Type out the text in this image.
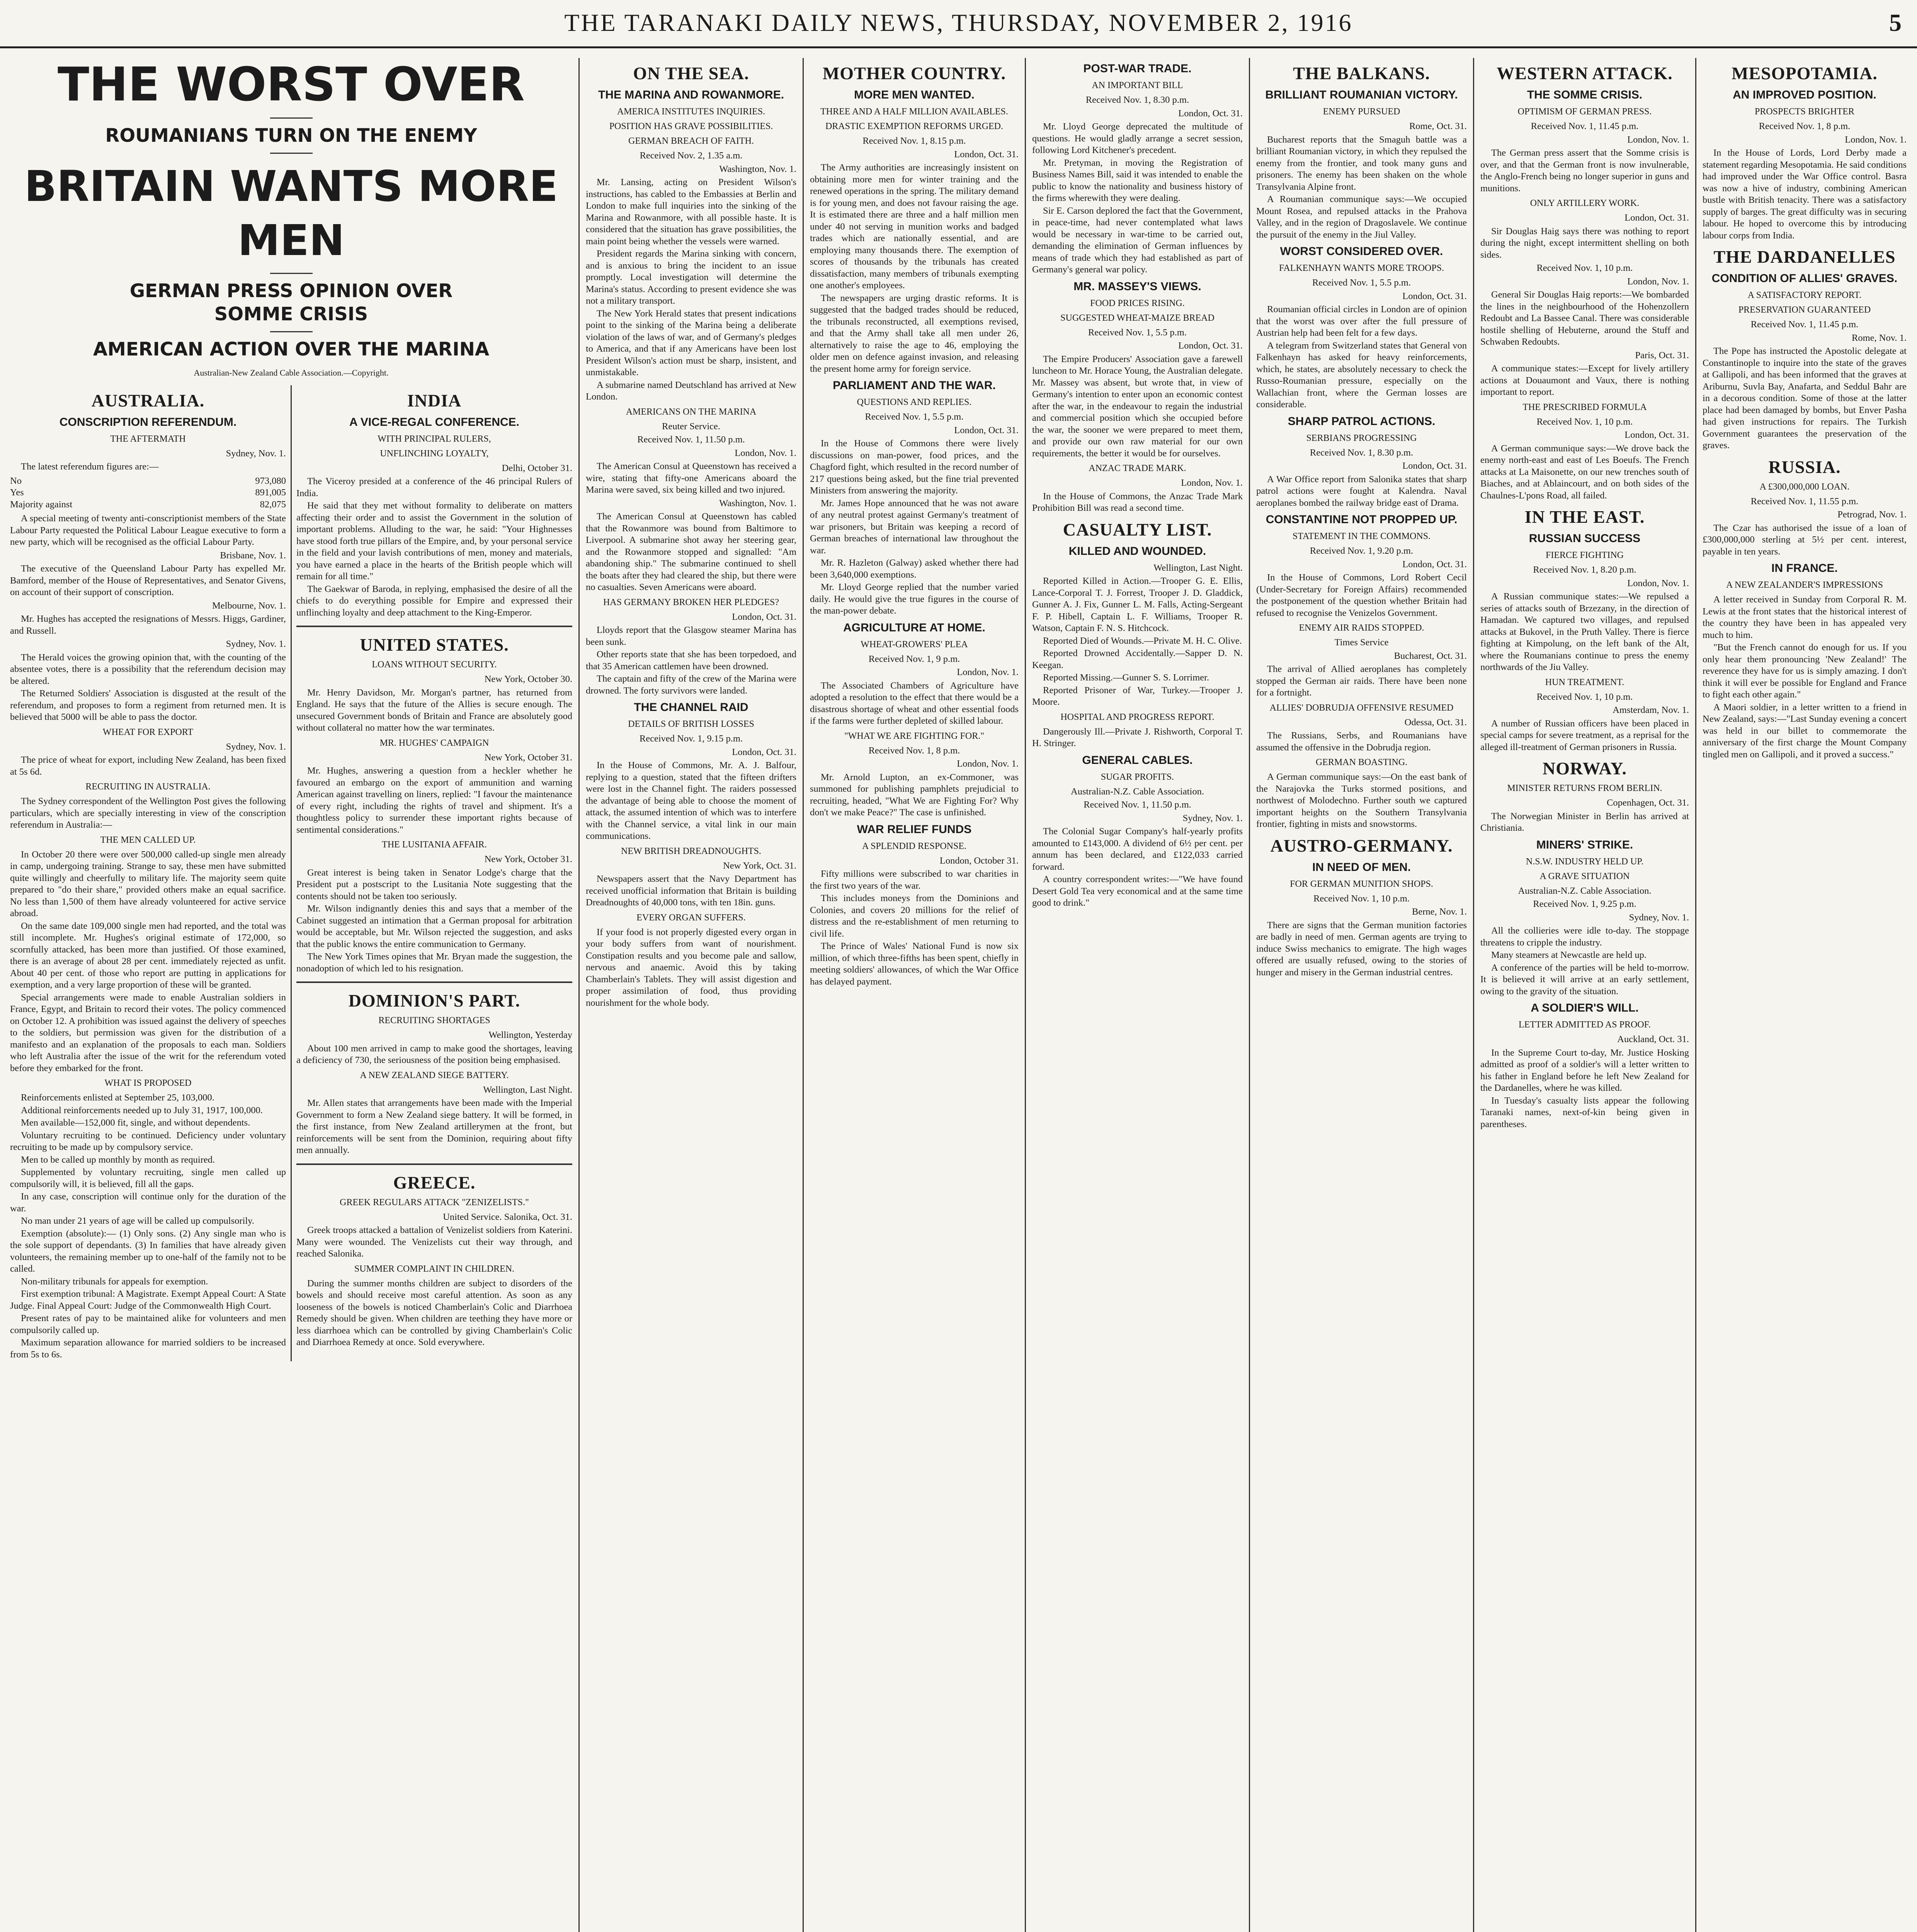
THE TARANAKI DAILY NEWS, THURSDAY, NOVEMBER 2, 1916	5
THE WORST OVER
ROUMANIANS TURN ON THE ENEMY
BRITAIN WANTS MORE MEN
GERMAN PRESS OPINION OVER SOMME CRISIS
AMERICAN ACTION OVER THE MARINA
Australian-New Zealand Cable Association.—Copyright.
AUSTRALIA.
CONSCRIPTION REFERENDUM.
THE AFTERMATH
Sydney, Nov. 1.

The latest referendum figures are:—

No	973,080
Yes	891,005
Majority against	82,075

A special meeting of twenty anti-conscriptionist members of the State Labour Party requested the Political Labour League executive to form a new party, which will be recognised as the official Labour Party.

Brisbane, Nov. 1.

The executive of the Queensland Labour Party has expelled Mr. Bamford, member of the House of Representatives, and Senator Givens, on account of their support of conscription.

Melbourne, Nov. 1.

Mr. Hughes has accepted the resignations of Messrs. Higgs, Gardiner, and Russell.

Sydney, Nov. 1.

The Herald voices the growing opinion that, with the counting of the absentee votes, there is a possibility that the referendum decision may be altered.

The Returned Soldiers' Association is disgusted at the result of the referendum, and proposes to form a regiment from returned men. It is believed that 5000 will be able to pass the doctor.

WHEAT FOR EXPORT
Sydney, Nov. 1.

The price of wheat for export, including New Zealand, has been fixed at 5s 6d.

RECRUITING IN AUSTRALIA.

The Sydney correspondent of the Wellington Post gives the following particulars, which are specially interesting in view of the conscription referendum in Australia:—

THE MEN CALLED UP.

In October 20 there were over 500,000 called-up single men already in camp, undergoing training. Strange to say, these men have submitted quite willingly and cheerfully to military life. The majority seem quite prepared to "do their share," provided others make an equal sacrifice. No less than 1,500 of them have already volunteered for active service abroad.

On the same date 109,000 single men had reported, and the total was still incomplete. Mr. Hughes's original estimate of 172,000, so scornfully attacked, has been more than justified. Of those examined, there is an average of about 28 per cent. immediately rejected as unfit. About 40 per cent. of those who report are putting in applications for exemption, and a very large proportion of these will be granted.

Special arrangements were made to enable Australian soldiers in France, Egypt, and Britain to record their votes. The policy commenced on October 12. A prohibition was issued against the delivery of speeches to the soldiers, but permission was given for the distribution of a manifesto and an explanation of the proposals to each man. Soldiers who left Australia after the issue of the writ for the referendum voted before they embarked for the front.

WHAT IS PROPOSED

Reinforcements enlisted at September 25, 103,000.

Additional reinforcements needed up to July 31, 1917, 100,000.

Men available—152,000 fit, single, and without dependents.

Voluntary recruiting to be continued. Deficiency under voluntary recruiting to be made up by compulsory service.

Men to be called up monthly by month as required.

Supplemented by voluntary recruiting, single men called up compulsorily will, it is believed, fill all the gaps.

In any case, conscription will continue only for the duration of the war.

No man under 21 years of age will be called up compulsorily.

Exemption (absolute):— (1) Only sons. (2) Any single man who is the sole support of dependants. (3) In families that have already given volunteers, the remaining member up to one-half of the family not to be called.

Non-military tribunals for appeals for exemption.

First exemption tribunal: A Magistrate. Exempt Appeal Court: A State Judge. Final Appeal Court: Judge of the Commonwealth High Court.

Present rates of pay to be maintained alike for volunteers and men compulsorily called up.

Maximum separation allowance for married soldiers to be increased from 5s to 6s.

INDIA
A VICE-REGAL CONFERENCE.
WITH PRINCIPAL RULERS,
UNFLINCHING LOYALTY,
Delhi, October 31.

The Viceroy presided at a conference of the 46 principal Rulers of India.

He said that they met without formality to deliberate on matters affecting their order and to assist the Government in the solution of important problems. Alluding to the war, he said: "Your Highnesses have stood forth true pillars of the Empire, and, by your personal service in the field and your lavish contributions of men, money and materials, you have earned a place in the hearts of the British people which will remain for all time."

The Gaekwar of Baroda, in replying, emphasised the desire of all the chiefs to do everything possible for Empire and expressed their unflinching loyalty and deep attachment to the King-Emperor.

UNITED STATES.
LOANS WITHOUT SECURITY.
New York, October 30.

Mr. Henry Davidson, Mr. Morgan's partner, has returned from England. He says that the future of the Allies is secure enough. The unsecured Government bonds of Britain and France are absolutely good without collateral no matter how the war terminates.

MR. HUGHES' CAMPAIGN
New York, October 31.

Mr. Hughes, answering a question from a heckler whether he favoured an embargo on the export of ammunition and warning American against travelling on liners, replied: "I favour the maintenance of every right, including the rights of travel and shipment. It's a thoughtless policy to surrender these important rights because of sentimental considerations."

THE LUSITANIA AFFAIR.
New York, October 31.

Great interest is being taken in Senator Lodge's charge that the President put a postscript to the Lusitania Note suggesting that the contents should not be taken too seriously.

Mr. Wilson indignantly denies this and says that a member of the Cabinet suggested an intimation that a German proposal for arbitration would be acceptable, but Mr. Wilson rejected the suggestion, and asks that the public knows the entire communication to Germany.

The New York Times opines that Mr. Bryan made the suggestion, the nonadoption of which led to his resignation.

DOMINION'S PART.
RECRUITING SHORTAGES
Wellington, Yesterday

About 100 men arrived in camp to make good the shortages, leaving a deficiency of 730, the seriousness of the position being emphasised.

A NEW ZEALAND SIEGE BATTERY.
Wellington, Last Night.

Mr. Allen states that arrangements have been made with the Imperial Government to form a New Zealand siege battery. It will be formed, in the first instance, from New Zealand artillerymen at the front, but reinforcements will be sent from the Dominion, requiring about fifty men annually.

GREECE.
GREEK REGULARS ATTACK "ZENIZELISTS."
United Service. Salonika, Oct. 31.

Greek troops attacked a battalion of Venizelist soldiers from Katerini. Many were wounded. The Venizelists cut their way through, and reached Salonika.

SUMMER COMPLAINT IN CHILDREN.

During the summer months children are subject to disorders of the bowels and should receive most careful attention. As soon as any looseness of the bowels is noticed Chamberlain's Colic and Diarrhoea Remedy should be given. When children are teething they have more or less diarrhoea which can be controlled by giving Chamberlain's Colic and Diarrhoea Remedy at once. Sold everywhere.

ON THE SEA.
THE MARINA AND ROWANMORE.
AMERICA INSTITUTES INQUIRIES.
POSITION HAS GRAVE POSSIBILITIES.
GERMAN BREACH OF FAITH.
Received Nov. 2, 1.35 a.m.
Washington, Nov. 1.

Mr. Lansing, acting on President Wilson's instructions, has cabled to the Embassies at Berlin and London to make full inquiries into the sinking of the Marina and Rowanmore, with all possible haste. It is considered that the situation has grave possibilities, the main point being whether the vessels were warned.

President regards the Marina sinking with concern, and is anxious to bring the incident to an issue promptly. Local investigation will determine the Marina's status. According to present evidence she was not a military transport.

The New York Herald states that present indications point to the sinking of the Marina being a deliberate violation of the laws of war, and of Germany's pledges to America, and that if any Americans have been lost President Wilson's action must be sharp, insistent, and unmistakable.

A submarine named Deutschland has arrived at New London.

AMERICANS ON THE MARINA
Reuter Service.
Received Nov. 1, 11.50 p.m.
London, Nov. 1.

The American Consul at Queenstown has received a wire, stating that fifty-one Americans aboard the Marina were saved, six being killed and two injured.

Washington, Nov. 1.

The American Consul at Queenstown has cabled that the Rowanmore was bound from Baltimore to Liverpool. A submarine shot away her steering gear, and the Rowanmore stopped and signalled: "Am abandoning ship." The submarine continued to shell the boats after they had cleared the ship, but there were no casualties. Seven Americans were aboard.

HAS GERMANY BROKEN HER PLEDGES?
London, Oct. 31.

Lloyds report that the Glasgow steamer Marina has been sunk.

Other reports state that she has been torpedoed, and that 35 American cattlemen have been drowned.

The captain and fifty of the crew of the Marina were drowned. The forty survivors were landed.

THE CHANNEL RAID
DETAILS OF BRITISH LOSSES
Received Nov. 1, 9.15 p.m.
London, Oct. 31.

In the House of Commons, Mr. A. J. Balfour, replying to a question, stated that the fifteen drifters were lost in the Channel fight. The raiders possessed the advantage of being able to choose the moment of attack, the assumed intention of which was to interfere with the Channel service, a vital link in our main communications.

NEW BRITISH DREADNOUGHTS.
New York, Oct. 31.

Newspapers assert that the Navy Department has received unofficial information that Britain is building Dreadnoughts of 40,000 tons, with ten 18in. guns.

EVERY ORGAN SUFFERS.

If your food is not properly digested every organ in your body suffers from want of nourishment. Constipation results and you become pale and sallow, nervous and anaemic. Avoid this by taking Chamberlain's Tablets. They will assist digestion and proper assimilation of food, thus providing nourishment for the whole body.

MOTHER COUNTRY.
MORE MEN WANTED.
THREE AND A HALF MILLION AVAILABLES.
DRASTIC EXEMPTION REFORMS URGED.
Received Nov. 1, 8.15 p.m.
London, Oct. 31.

The Army authorities are increasingly insistent on obtaining more men for winter training and the renewed operations in the spring. The military demand is for young men, and does not favour raising the age. It is estimated there are three and a half million men under 40 not serving in munition works and badged trades which are nationally essential, and are employing many thousands there. The exemption of scores of thousands by the tribunals has created dissatisfaction, many members of tribunals exempting one another's employees.

The newspapers are urging drastic reforms. It is suggested that the badged trades should be reduced, the tribunals reconstructed, all exemptions revised, and that the Army shall take all men under 26, alternatively to raise the age to 46, employing the older men on defence against invasion, and releasing the present home army for foreign service.

PARLIAMENT AND THE WAR.
QUESTIONS AND REPLIES.
Received Nov. 1, 5.5 p.m.
London, Oct. 31.

In the House of Commons there were lively discussions on man-power, food prices, and the Chagford fight, which resulted in the record number of 217 questions being asked, but the fine trial prevented Ministers from answering the majority.

Mr. James Hope announced that he was not aware of any neutral protest against Germany's treatment of war prisoners, but Britain was keeping a record of German breaches of international law throughout the war.

Mr. R. Hazleton (Galway) asked whether there had been 3,640,000 exemptions.

Mr. Lloyd George replied that the number varied daily. He would give the true figures in the course of the man-power debate.

AGRICULTURE AT HOME.
WHEAT-GROWERS' PLEA
Received Nov. 1, 9 p.m.
London, Nov. 1.

The Associated Chambers of Agriculture have adopted a resolution to the effect that there would be a disastrous shortage of wheat and other essential foods if the farms were further depleted of skilled labour.

"WHAT WE ARE FIGHTING FOR."
Received Nov. 1, 8 p.m.
London, Nov. 1.

Mr. Arnold Lupton, an ex-Commoner, was summoned for publishing pamphlets prejudicial to recruiting, headed, "What We are Fighting For? Why don't we make Peace?" The case is unfinished.

WAR RELIEF FUNDS
A SPLENDID RESPONSE.
London, October 31.

Fifty millions were subscribed to war charities in the first two years of the war.

This includes moneys from the Dominions and Colonies, and covers 20 millions for the relief of distress and the re-establishment of men returning to civil life.

The Prince of Wales' National Fund is now six million, of which three-fifths has been spent, chiefly in meeting soldiers' allowances, of which the War Office has delayed payment.

POST-WAR TRADE.
AN IMPORTANT BILL
Received Nov. 1, 8.30 p.m.
London, Oct. 31.

Mr. Lloyd George deprecated the multitude of questions. He would gladly arrange a secret session, following Lord Kitchener's precedent.

Mr. Pretyman, in moving the Registration of Business Names Bill, said it was intended to enable the public to know the nationality and business history of the firms wherewith they were dealing.

Sir E. Carson deplored the fact that the Government, in peace-time, had never contemplated what laws would be necessary in war-time to be carried out, demanding the elimination of German influences by means of trade which they had established as part of Germany's general war policy.

MR. MASSEY'S VIEWS.
FOOD PRICES RISING.
SUGGESTED WHEAT-MAIZE BREAD
Received Nov. 1, 5.5 p.m.
London, Oct. 31.

The Empire Producers' Association gave a farewell luncheon to Mr. Horace Young, the Australian delegate. Mr. Massey was absent, but wrote that, in view of Germany's intention to enter upon an economic contest after the war, in the endeavour to regain the industrial and commercial position which she occupied before the war, the sooner we were prepared to meet them, and provide our own raw material for our own requirements, the better it would be for ourselves.

ANZAC TRADE MARK.
London, Nov. 1.

In the House of Commons, the Anzac Trade Mark Prohibition Bill was read a second time.

CASUALTY LIST.
KILLED AND WOUNDED.
Wellington, Last Night.

Reported Killed in Action.—Trooper G. E. Ellis, Lance-Corporal T. J. Forrest, Trooper J. D. Gladdick, Gunner A. J. Fix, Gunner L. M. Falls, Acting-Sergeant F. P. Hibell, Captain L. F. Williams, Trooper R. Watson, Captain F. N. S. Hitchcock.

Reported Died of Wounds.—Private M. H. C. Olive.

Reported Drowned Accidentally.—Sapper D. N. Keegan.

Reported Missing.—Gunner S. S. Lorrimer.

Reported Prisoner of War, Turkey.—Trooper J. Moore.

HOSPITAL AND PROGRESS REPORT.

Dangerously Ill.—Private J. Rishworth, Corporal T. H. Stringer.

GENERAL CABLES.
SUGAR PROFITS.
Australian-N.Z. Cable Association.
Received Nov. 1, 11.50 p.m.
Sydney, Nov. 1.

The Colonial Sugar Company's half-yearly profits amounted to £143,000. A dividend of 6½ per cent. per annum has been declared, and £122,033 carried forward.

A country correspondent writes:—"We have found Desert Gold Tea very economical and at the same time good to drink."

THE BALKANS.
BRILLIANT ROUMANIAN VICTORY.
ENEMY PURSUED
Rome, Oct. 31.

Bucharest reports that the Smaguh battle was a brilliant Roumanian victory, in which they repulsed the enemy from the frontier, and took many guns and prisoners. The enemy has been shaken on the whole Transylvania Alpine front.

A Roumanian communique says:—We occupied Mount Rosea, and repulsed attacks in the Prahova Valley, and in the region of Dragoslavele. We continue the pursuit of the enemy in the Jiul Valley.

WORST CONSIDERED OVER.
FALKENHAYN WANTS MORE TROOPS.
Received Nov. 1, 5.5 p.m.
London, Oct. 31.

Roumanian official circles in London are of opinion that the worst was over after the full pressure of Austrian help had been felt for a few days.

A telegram from Switzerland states that General von Falkenhayn has asked for heavy reinforcements, which, he states, are absolutely necessary to check the Russo-Roumanian pressure, especially on the Wallachian front, where the German losses are considerable.

SHARP PATROL ACTIONS.
SERBIANS PROGRESSING
Received Nov. 1, 8.30 p.m.
London, Oct. 31.

A War Office report from Salonika states that sharp patrol actions were fought at Kalendra. Naval aeroplanes bombed the railway bridge east of Drama.

CONSTANTINE NOT PROPPED UP.
STATEMENT IN THE COMMONS.
Received Nov. 1, 9.20 p.m.
London, Oct. 31.

In the House of Commons, Lord Robert Cecil (Under-Secretary for Foreign Affairs) recommended the postponement of the question whether Britain had refused to recognise the Venizelos Government.

ENEMY AIR RAIDS STOPPED.
Times Service
Bucharest, Oct. 31.

The arrival of Allied aeroplanes has completely stopped the German air raids. There have been none for a fortnight.

ALLIES' DOBRUDJA OFFENSIVE RESUMED
Odessa, Oct. 31.

The Russians, Serbs, and Roumanians have assumed the offensive in the Dobrudja region.

GERMAN BOASTING.

A German communique says:—On the east bank of the Narajovka the Turks stormed positions, and northwest of Molodechno. Further south we captured important heights on the Southern Transylvania frontier, fighting in mists and snowstorms.

AUSTRO-GERMANY.
IN NEED OF MEN.
FOR GERMAN MUNITION SHOPS.
Received Nov. 1, 10 p.m.
Berne, Nov. 1.

There are signs that the German munition factories are badly in need of men. German agents are trying to induce Swiss mechanics to emigrate. The high wages offered are usually refused, owing to the stories of hunger and misery in the German industrial centres.

WESTERN ATTACK.
THE SOMME CRISIS.
OPTIMISM OF GERMAN PRESS.
Received Nov. 1, 11.45 p.m.
London, Nov. 1.

The German press assert that the Somme crisis is over, and that the German front is now invulnerable, the Anglo-French being no longer superior in guns and munitions.

ONLY ARTILLERY WORK.
London, Oct. 31.

Sir Douglas Haig says there was nothing to report during the night, except intermittent shelling on both sides.

Received Nov. 1, 10 p.m.
London, Nov. 1.

General Sir Douglas Haig reports:—We bombarded the lines in the neighbourhood of the Hohenzollern Redoubt and La Bassee Canal. There was considerable hostile shelling of Hebuterne, around the Stuff and Schwaben Redoubts.

Paris, Oct. 31.

A communique states:—Except for lively artillery actions at Douaumont and Vaux, there is nothing important to report.

THE PRESCRIBED FORMULA
Received Nov. 1, 10 p.m.
London, Oct. 31.

A German communique says:—We drove back the enemy north-east and east of Les Boeufs. The French attacks at La Maisonette, on our new trenches south of Biaches, and at Ablaincourt, and on both sides of the Chaulnes-L'pons Road, all failed.

IN THE EAST.
RUSSIAN SUCCESS
FIERCE FIGHTING
Received Nov. 1, 8.20 p.m.
London, Nov. 1.

A Russian communique states:—We repulsed a series of attacks south of Brzezany, in the direction of Hamadan. We captured two villages, and repulsed attacks at Bukovel, in the Pruth Valley. There is fierce fighting at Kimpolung, on the left bank of the Alt, where the Roumanians continue to press the enemy northwards of the Jiu Valley.

HUN TREATMENT.
Received Nov. 1, 10 p.m.
Amsterdam, Nov. 1.

A number of Russian officers have been placed in special camps for severe treatment, as a reprisal for the alleged ill-treatment of German prisoners in Russia.

NORWAY.
MINISTER RETURNS FROM BERLIN.
Copenhagen, Oct. 31.

The Norwegian Minister in Berlin has arrived at Christiania.

MINERS' STRIKE.
N.S.W. INDUSTRY HELD UP.
A GRAVE SITUATION
Australian-N.Z. Cable Association.
Received Nov. 1, 9.25 p.m.
Sydney, Nov. 1.

All the collieries were idle to-day. The stoppage threatens to cripple the industry.

Many steamers at Newcastle are held up.

A conference of the parties will be held to-morrow. It is believed it will arrive at an early settlement, owing to the gravity of the situation.

A SOLDIER'S WILL.
LETTER ADMITTED AS PROOF.
Auckland, Oct. 31.

In the Supreme Court to-day, Mr. Justice Hosking admitted as proof of a soldier's will a letter written to his father in England before he left New Zealand for the Dardanelles, where he was killed.

In Tuesday's casualty lists appear the following Taranaki names, next-of-kin being given in parentheses.

MESOPOTAMIA.
AN IMPROVED POSITION.
PROSPECTS BRIGHTER
Received Nov. 1, 8 p.m.
London, Nov. 1.

In the House of Lords, Lord Derby made a statement regarding Mesopotamia. He said conditions had improved under the War Office control. Basra was now a hive of industry, combining American bustle with British tenacity. There was a satisfactory supply of barges. The great difficulty was in securing labour. He hoped to overcome this by introducing labour corps from India.

THE DARDANELLES
CONDITION OF ALLIES' GRAVES.
A SATISFACTORY REPORT.
PRESERVATION GUARANTEED
Received Nov. 1, 11.45 p.m.
Rome, Nov. 1.

The Pope has instructed the Apostolic delegate at Constantinople to inquire into the state of the graves at Gallipoli, and has been informed that the graves at Ariburnu, Suvla Bay, Anafarta, and Seddul Bahr are in a decorous condition. Some of those at the latter place had been damaged by bombs, but Enver Pasha had given instructions for repairs. The Turkish Government guarantees the preservation of the graves.

RUSSIA.
A £300,000,000 LOAN.
Received Nov. 1, 11.55 p.m.
Petrograd, Nov. 1.

The Czar has authorised the issue of a loan of £300,000,000 sterling at 5½ per cent. interest, payable in ten years.

IN FRANCE.
A NEW ZEALANDER'S IMPRESSIONS

A letter received in Sunday from Corporal R. M. Lewis at the front states that the historical interest of the country they have been in has appealed very much to him.

"But the French cannot do enough for us. If you only hear them pronouncing 'New Zealand!' The reverence they have for us is simply amazing. I don't think it will ever be possible for England and France to fight each other again."

A Maori soldier, in a letter written to a friend in New Zealand, says:—"Last Sunday evening a concert was held in our billet to commemorate the anniversary of the first charge the Mount Company tingled men on Gallipoli, and it proved a success."
